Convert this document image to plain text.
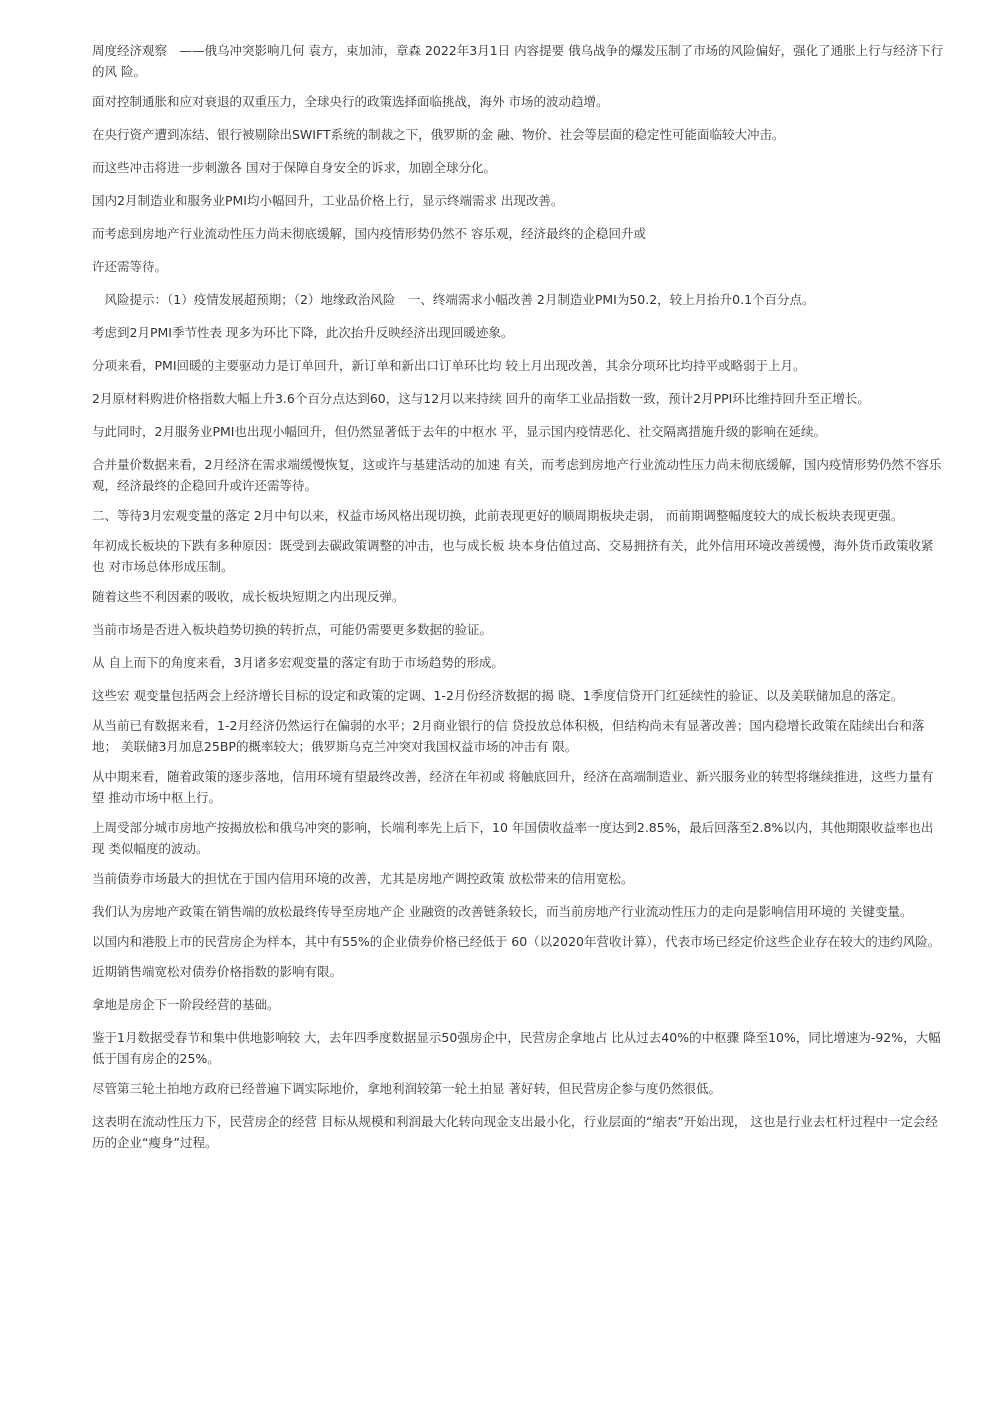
周度经济观察　——俄乌冲突影响几何 袁方，束加沛，章森 2022年3月1日 内容提要 俄乌战争的爆发压制了市场的风险偏好，强化了通胀上行与经济下行的风 险。

面对控制通胀和应对衰退的双重压力，全球央行的政策选择面临挑战，海外 市场的波动趋增。

在央行资产遭到冻结、银行被剔除出SWIFT系统的制裁之下，俄罗斯的金 融、物价、社会等层面的稳定性可能面临较大冲击。

而这些冲击将进一步刺激各 国对于保障自身安全的诉求，加剧全球分化。

国内2月制造业和服务业PMI均小幅回升，工业品价格上行，显示终端需求 出现改善。

而考虑到房地产行业流动性压力尚未彻底缓解，国内疫情形势仍然不 容乐观，经济最终的企稳回升或

许还需等待。

　风险提示：（1）疫情发展超预期；（2）地缘政治风险　一、终端需求小幅改善 2月制造业PMI为50.2，较上月抬升0.1个百分点。

考虑到2月PMI季节性表 现多为环比下降，此次抬升反映经济出现回暖迹象。

分项来看，PMI回暖的主要驱动力是订单回升，新订单和新出口订单环比均 较上月出现改善，其余分项环比均持平或略弱于上月。

2月原材料购进价格指数大幅上升3.6个百分点达到60，这与12月以来持续 回升的南华工业品指数一致，预计2月PPI环比维持回升至正增长。

与此同时，2月服务业PMI也出现小幅回升，但仍然显著低于去年的中枢水 平，显示国内疫情恶化、社交隔离措施升级的影响在延续。

合并量价数据来看，2月经济在需求端缓慢恢复，这或许与基建活动的加速 有关，而考虑到房地产行业流动性压力尚未彻底缓解，国内疫情形势仍然不容乐 观，经济最终的企稳回升或许还需等待。

二、等待3月宏观变量的落定 2月中旬以来，权益市场风格出现切换，此前表现更好的顺周期板块走弱， 而前期调整幅度较大的成长板块表现更强。

年初成长板块的下跌有多种原因：既受到去碳政策调整的冲击，也与成长板 块本身估值过高、交易拥挤有关，此外信用环境改善缓慢，海外货币政策收紧也 对市场总体形成压制。

随着这些不利因素的吸收，成长板块短期之内出现反弹。

当前市场是否进入板块趋势切换的转折点，可能仍需要更多数据的验证。

从 自上而下的角度来看，3月诸多宏观变量的落定有助于市场趋势的形成。

这些宏 观变量包括两会上经济增长目标的设定和政策的定调、1-2月份经济数据的揭 晓、1季度信贷开门红延续性的验证、以及美联储加息的落定。

从当前已有数据来看，1-2月经济仍然运行在偏弱的水平；2月商业银行的信 贷投放总体积极，但结构尚未有显著改善；国内稳增长政策在陆续出台和落地； 美联储3月加息25BP的概率较大；俄罗斯乌克兰冲突对我国权益市场的冲击有 限。

从中期来看，随着政策的逐步落地，信用环境有望最终改善，经济在年初或 将触底回升，经济在高端制造业、新兴服务业的转型将继续推进，这些力量有望 推动市场中枢上行。

上周受部分城市房地产按揭放松和俄乌冲突的影响，长端利率先上后下，10 年国债收益率一度达到2.85%，最后回落至2.8%以内，其他期限收益率也出现 类似幅度的波动。

当前债券市场最大的担忧在于国内信用环境的改善，尤其是房地产调控政策 放松带来的信用宽松。

我们认为房地产政策在销售端的放松最终传导至房地产企 业融资的改善链条较长，而当前房地产行业流动性压力的走向是影响信用环境的 关键变量。

以国内和港股上市的民营房企为样本，其中有55%的企业债券价格已经低于 60（以2020年营收计算），代表市场已经定价这些企业存在较大的违约风险。

近期销售端宽松对债券价格指数的影响有限。

拿地是房企下一阶段经营的基础。

鉴于1月数据受春节和集中供地影响较 大，去年四季度数据显示50强房企中，民营房企拿地占 比从过去40%的中枢骤 降至10%，同比增速为-92%，大幅低于国有房企的25%。

尽管第三轮土拍地方政府已经普遍下调实际地价，拿地利润较第一轮土拍显 著好转，但民营房企参与度仍然很低。

这表明在流动性压力下，民营房企的经营 目标从规模和利润最大化转向现金支出最小化，行业层面的“缩表”开始出现， 这也是行业去杠杆过程中一定会经历的企业“瘦身”过程。
